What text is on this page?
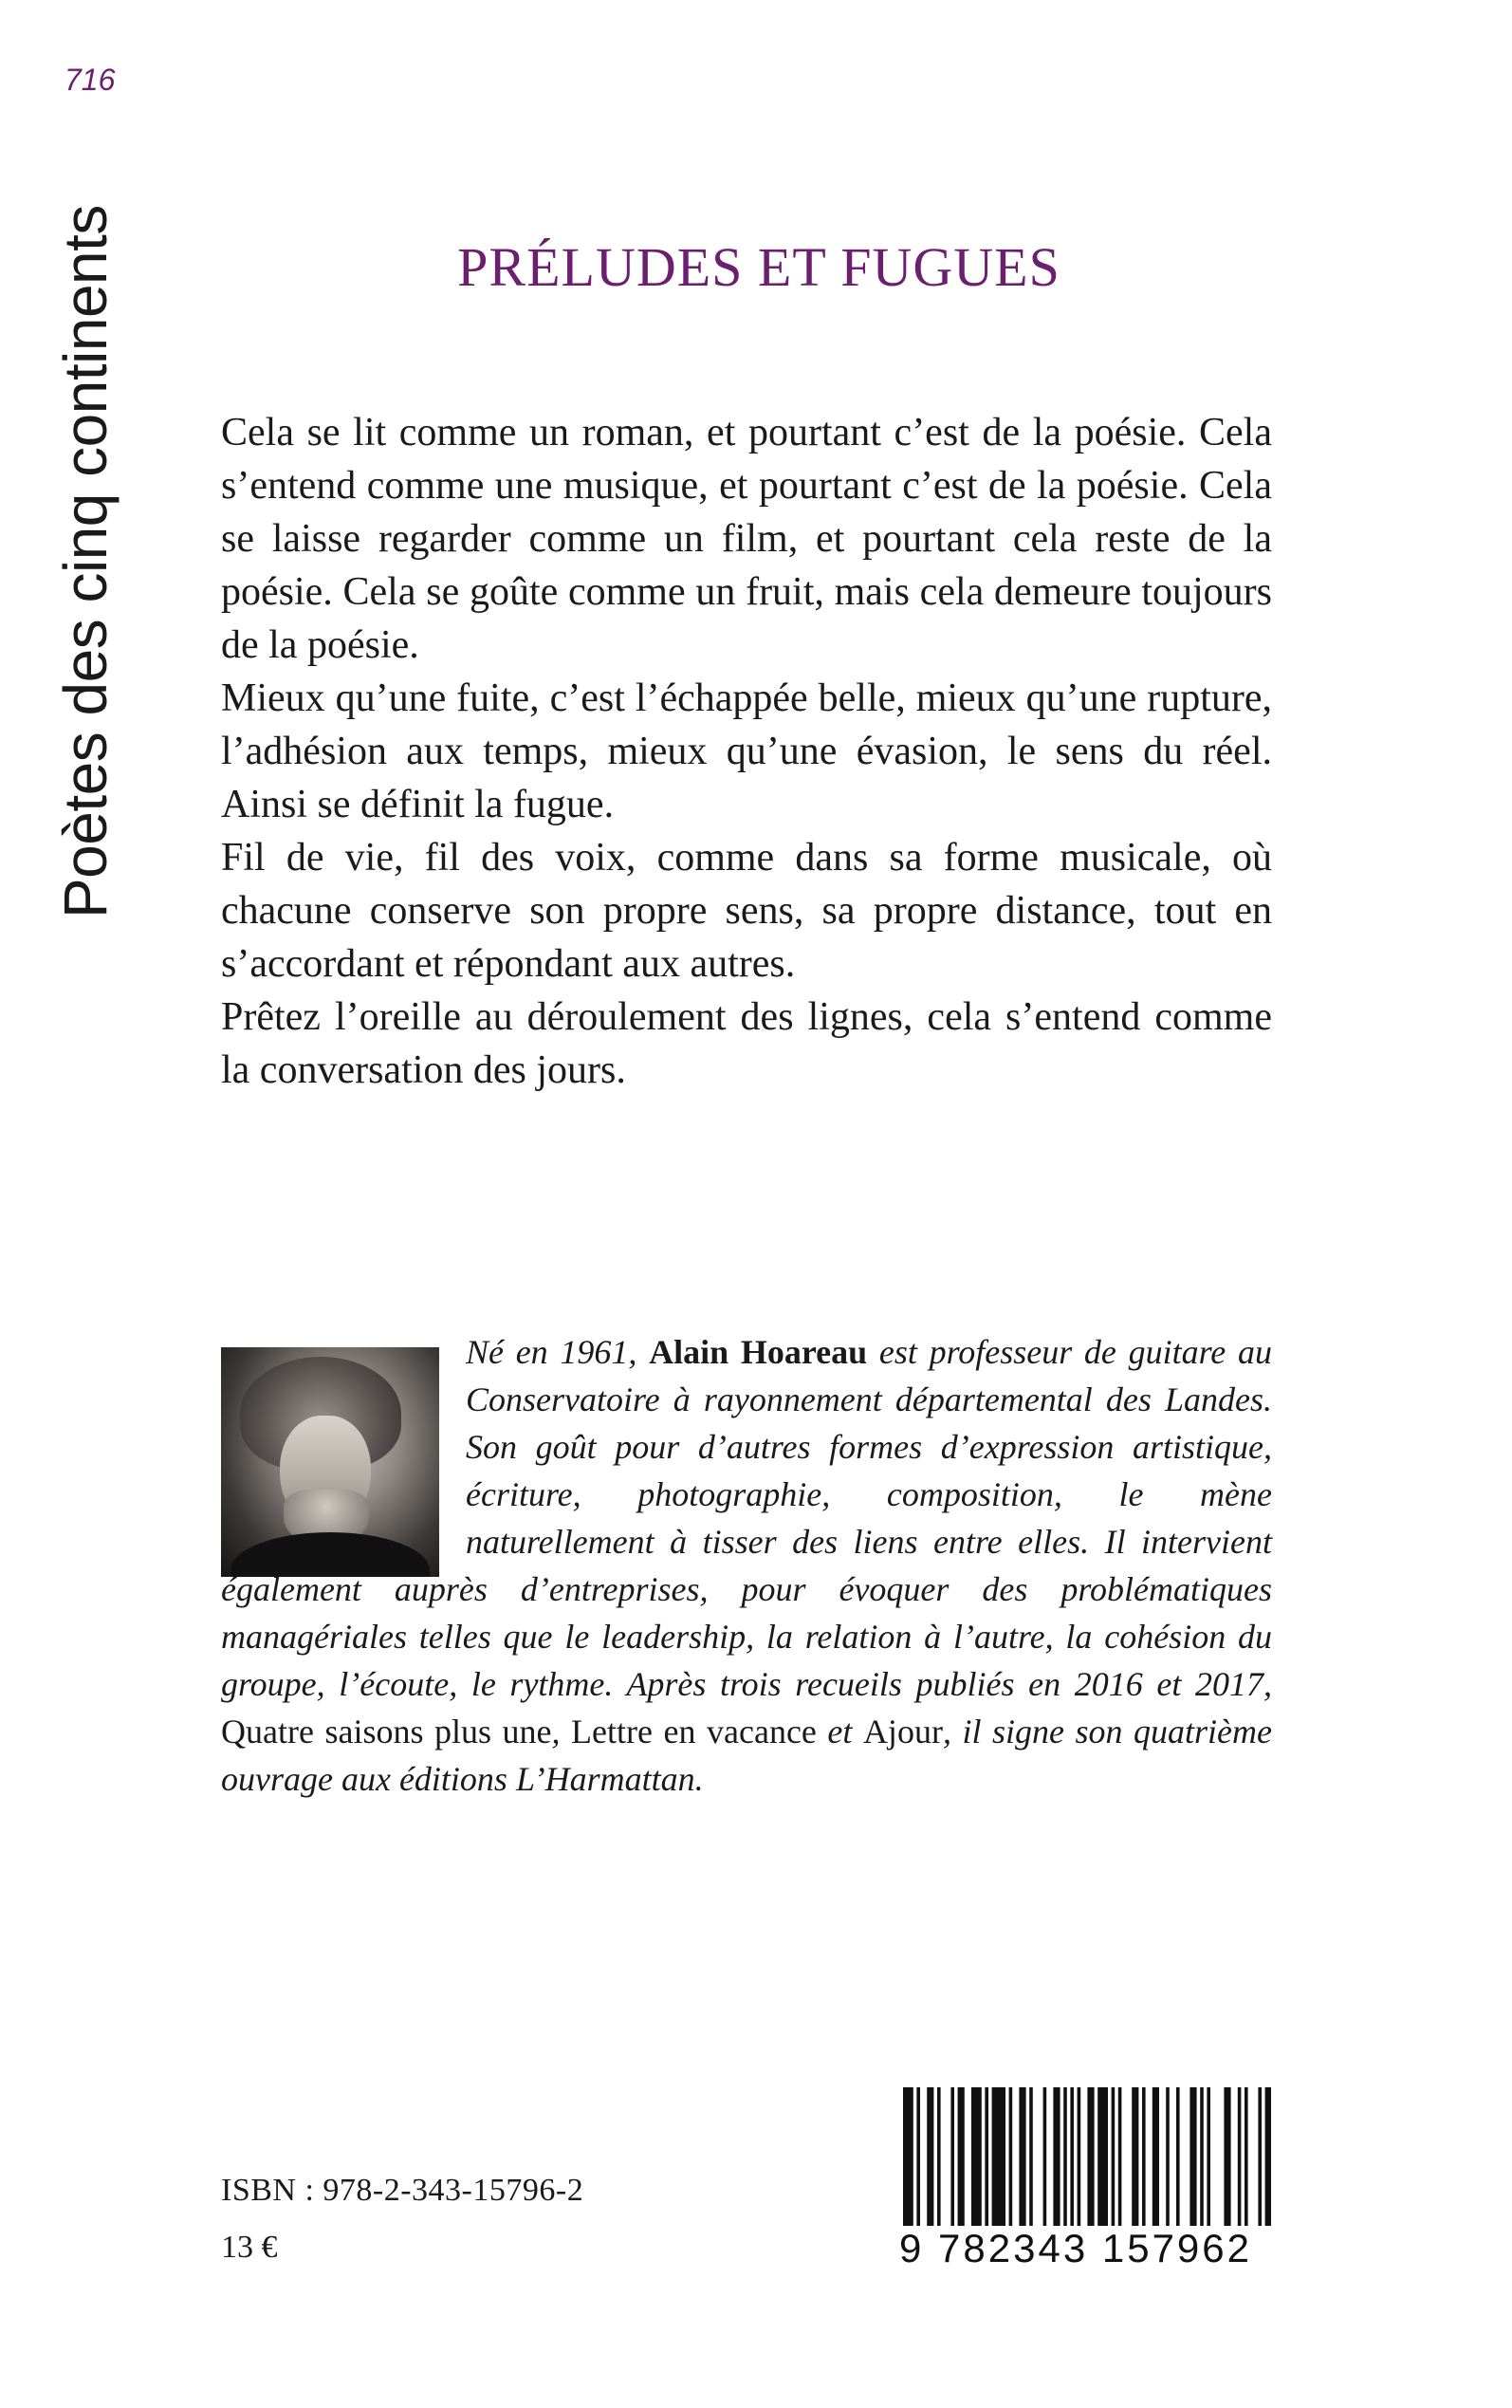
716
Poètes des cinq continents	PRÉLUDES ET FUGUES

Cela se lit comme un roman, et pourtant c’est de la poésie. Cela s’entend comme une musique, et pourtant c’est de la poésie. Cela se laisse regarder comme un film, et pourtant cela reste de la poésie. Cela se goûte comme un fruit, mais cela demeure toujours de la poésie.

Mieux qu’une fuite, c’est l’échappée belle, mieux qu’une rupture, l’adhésion aux temps, mieux qu’une évasion, le sens du réel. Ainsi se définit la fugue.

Fil de vie, fil des voix, comme dans sa forme musicale, où chacune conserve son propre sens, sa propre distance, tout en s’accordant et répondant aux autres.

Prêtez l’oreille au déroulement des lignes, cela s’entend comme la conversation des jours.

Né en 1961, Alain Hoareau est professeur de guitare au Conservatoire à rayonnement départemental des Landes. Son goût pour d’autres formes d’expression artistique, écriture, photographie, composition, le mène naturellement à tisser des liens entre elles. Il intervient également auprès d’entreprises, pour évoquer des problématiques managériales telles que le leadership, la relation à l’autre, la cohésion du groupe, l’écoute, le rythme. Après trois recueils publiés en 2016 et 2017, Quatre saisons plus une, Lettre en vacance et Ajour, il signe son quatrième ouvrage aux éditions L’Harmattan.
ISBN : 978-2-343-15796-2
13 €	9 782343 157962
